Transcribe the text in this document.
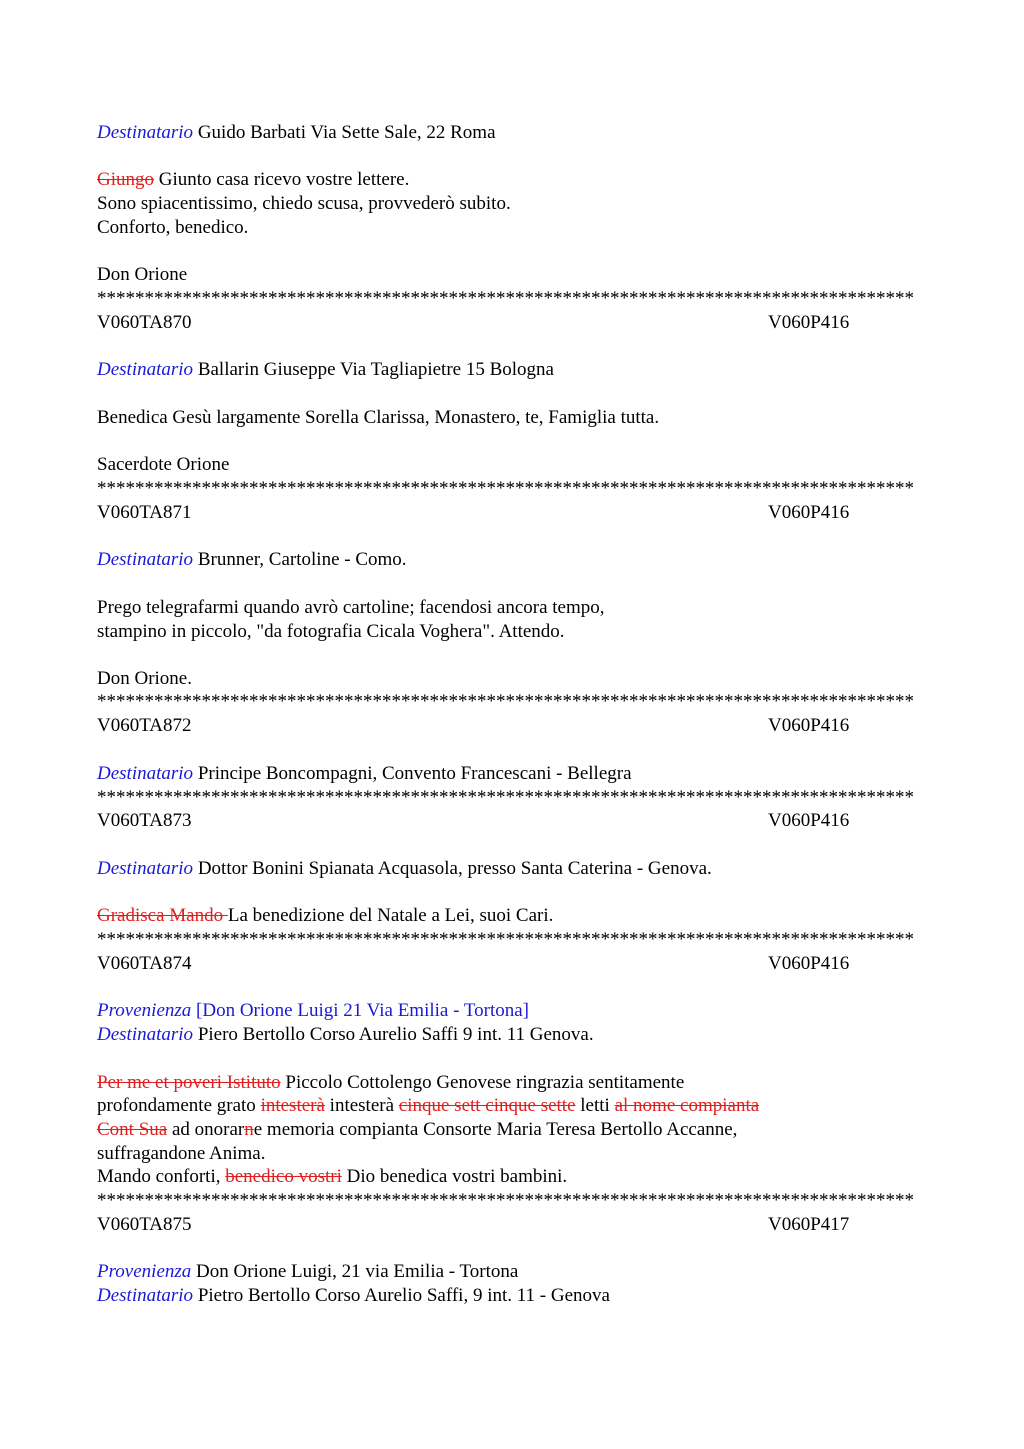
Destinatario Guido Barbati Via Sette Sale, 22 Roma
Giungo Giunto casa ricevo vostre lettere.
Sono spiacentissimo, chiedo scusa, provvederò subito.
Conforto, benedico.
Don Orione
**************************************************************************************
V060TA870	V060P416
Destinatario Ballarin Giuseppe Via Tagliapietre 15 Bologna
Benedica Gesù largamente Sorella Clarissa, Monastero, te, Famiglia tutta.
Sacerdote Orione
**************************************************************************************
V060TA871	V060P416
Destinatario Brunner, Cartoline - Como.
Prego telegrafarmi quando avrò cartoline; facendosi ancora tempo,
stampino in piccolo, "da fotografia Cicala Voghera". Attendo.
Don Orione.
**************************************************************************************
V060TA872	V060P416
Destinatario Principe Boncompagni, Convento Francescani - Bellegra
**************************************************************************************
V060TA873	V060P416
Destinatario Dottor Bonini Spianata Acquasola, presso Santa Caterina - Genova.
Gradisca Mando La benedizione del Natale a Lei, suoi Cari.
**************************************************************************************
V060TA874	V060P416
Provenienza [Don Orione Luigi 21 Via Emilia - Tortona]
Destinatario Piero Bertollo Corso Aurelio Saffi 9 int. 11 Genova.
Per me et poveri Istituto Piccolo Cottolengo Genovese ringrazia sentitamente
profondamente grato intesterà intesterà cinque sett cinque sette letti al nome compianta
Cont Sua ad onorarne memoria compianta Consorte Maria Teresa Bertollo Accanne,
suffragandone Anima.
Mando conforti, benedico vostri Dio benedica vostri bambini.
**************************************************************************************
V060TA875	V060P417
Provenienza Don Orione Luigi, 21 via Emilia - Tortona
Destinatario Pietro Bertollo Corso Aurelio Saffi, 9 int. 11 - Genova
